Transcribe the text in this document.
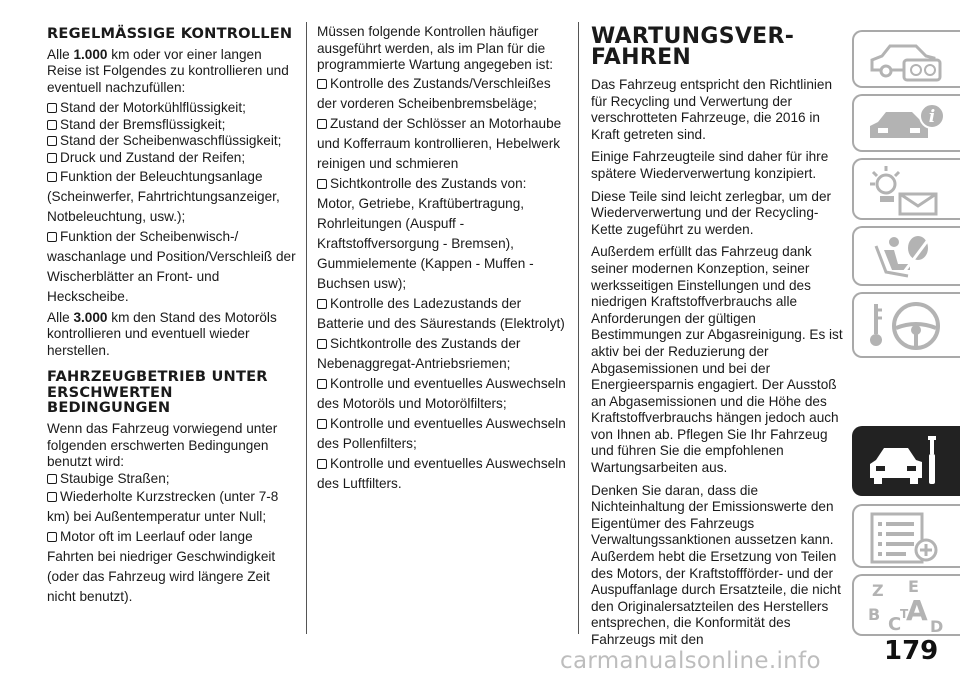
REGELMÄSSIGE KONTROLLEN

Alle 1.000 km oder vor einer langen Reise ist Folgendes zu kontrollieren und eventuell nachzufüllen:

Stand der Motorkühlflüssigkeit;
Stand der Bremsflüssigkeit;
Stand der Scheibenwaschflüssigkeit;
Druck und Zustand der Reifen;
Funktion der Beleuchtungsanlage (Scheinwerfer, Fahrtrichtungsanzeiger, Notbeleuchtung, usw.);
Funktion der Scheibenwisch-/ waschanlage und Position/Verschleiß der Wischerblätter an Front- und Heckscheibe.

Alle 3.000 km den Stand des Motoröls kontrollieren und eventuell wieder herstellen.

FAHRZEUGBETRIEB UNTER ERSCHWERTEN BEDINGUNGEN

Wenn das Fahrzeug vorwiegend unter folgenden erschwerten Bedingungen benutzt wird:

Staubige Straßen;
Wiederholte Kurzstrecken (unter 7-8 km) bei Außentemperatur unter Null;
Motor oft im Leerlauf oder lange Fahrten bei niedriger Geschwindigkeit (oder das Fahrzeug wird längere Zeit nicht benutzt).

Müssen folgende Kontrollen häufiger ausgeführt werden, als im Plan für die programmierte Wartung angegeben ist:

Kontrolle des Zustands/Verschleißes der vorderen Scheibenbremsbeläge;
Zustand der Schlösser an Motorhaube und Kofferraum kontrollieren, Hebelwerk reinigen und schmieren
Sichtkontrolle des Zustands von: Motor, Getriebe, Kraftübertragung, Rohrleitungen (Auspuff - Kraftstoffversorgung - Bremsen), Gummielemente (Kappen - Muffen - Buchsen usw);
Kontrolle des Ladezustands der Batterie und des Säurestands (Elektrolyt)
Sichtkontrolle des Zustands der Nebenaggregat-Antriebsriemen;
Kontrolle und eventuelles Auswechseln des Motoröls und Motorölfilters;
Kontrolle und eventuelles Auswechseln des Pollenfilters;
Kontrolle und eventuelles Auswechseln des Luftfilters.
WARTUNGSVER- FAHREN

Das Fahrzeug entspricht den Richtlinien für Recycling und Verwertung der verschrotteten Fahrzeuge, die 2016 in Kraft getreten sind.

Einige Fahrzeugteile sind daher für ihre spätere Wiederverwertung konzipiert.

Diese Teile sind leicht zerlegbar, um der Wiederverwertung und der Recycling-Kette zugeführt zu werden.

Außerdem erfüllt das Fahrzeug dank seiner modernen Konzeption, seiner werksseitigen Einstellungen und des niedrigen Kraftstoffverbrauchs alle Anforderungen der gültigen Bestimmungen zur Abgasreinigung. Es ist aktiv bei der Reduzierung der Abgasemissionen und bei der Energieersparnis engagiert. Der Ausstoß an Abgasemissionen und die Höhe des Kraftstoffverbrauchs hängen jedoch auch von Ihnen ab. Pflegen Sie Ihr Fahrzeug und führen Sie die empfohlenen Wartungsarbeiten aus.

Denken Sie daran, dass die Nichteinhaltung der Emissionswerte den Eigentümer des Fahrzeugs Verwaltungssanktionen aussetzen kann. Außerdem hebt die Ersetzung von Teilen des Motors, der Kraftstoffförder- und der Auspuffanlage durch Ersatzteile, die nicht den Originalersatzteilen des Herstellers entsprechen, die Konformität des Fahrzeugs mit den

i
Z E
A
B C
T
D
179
carmanualsonline.info
